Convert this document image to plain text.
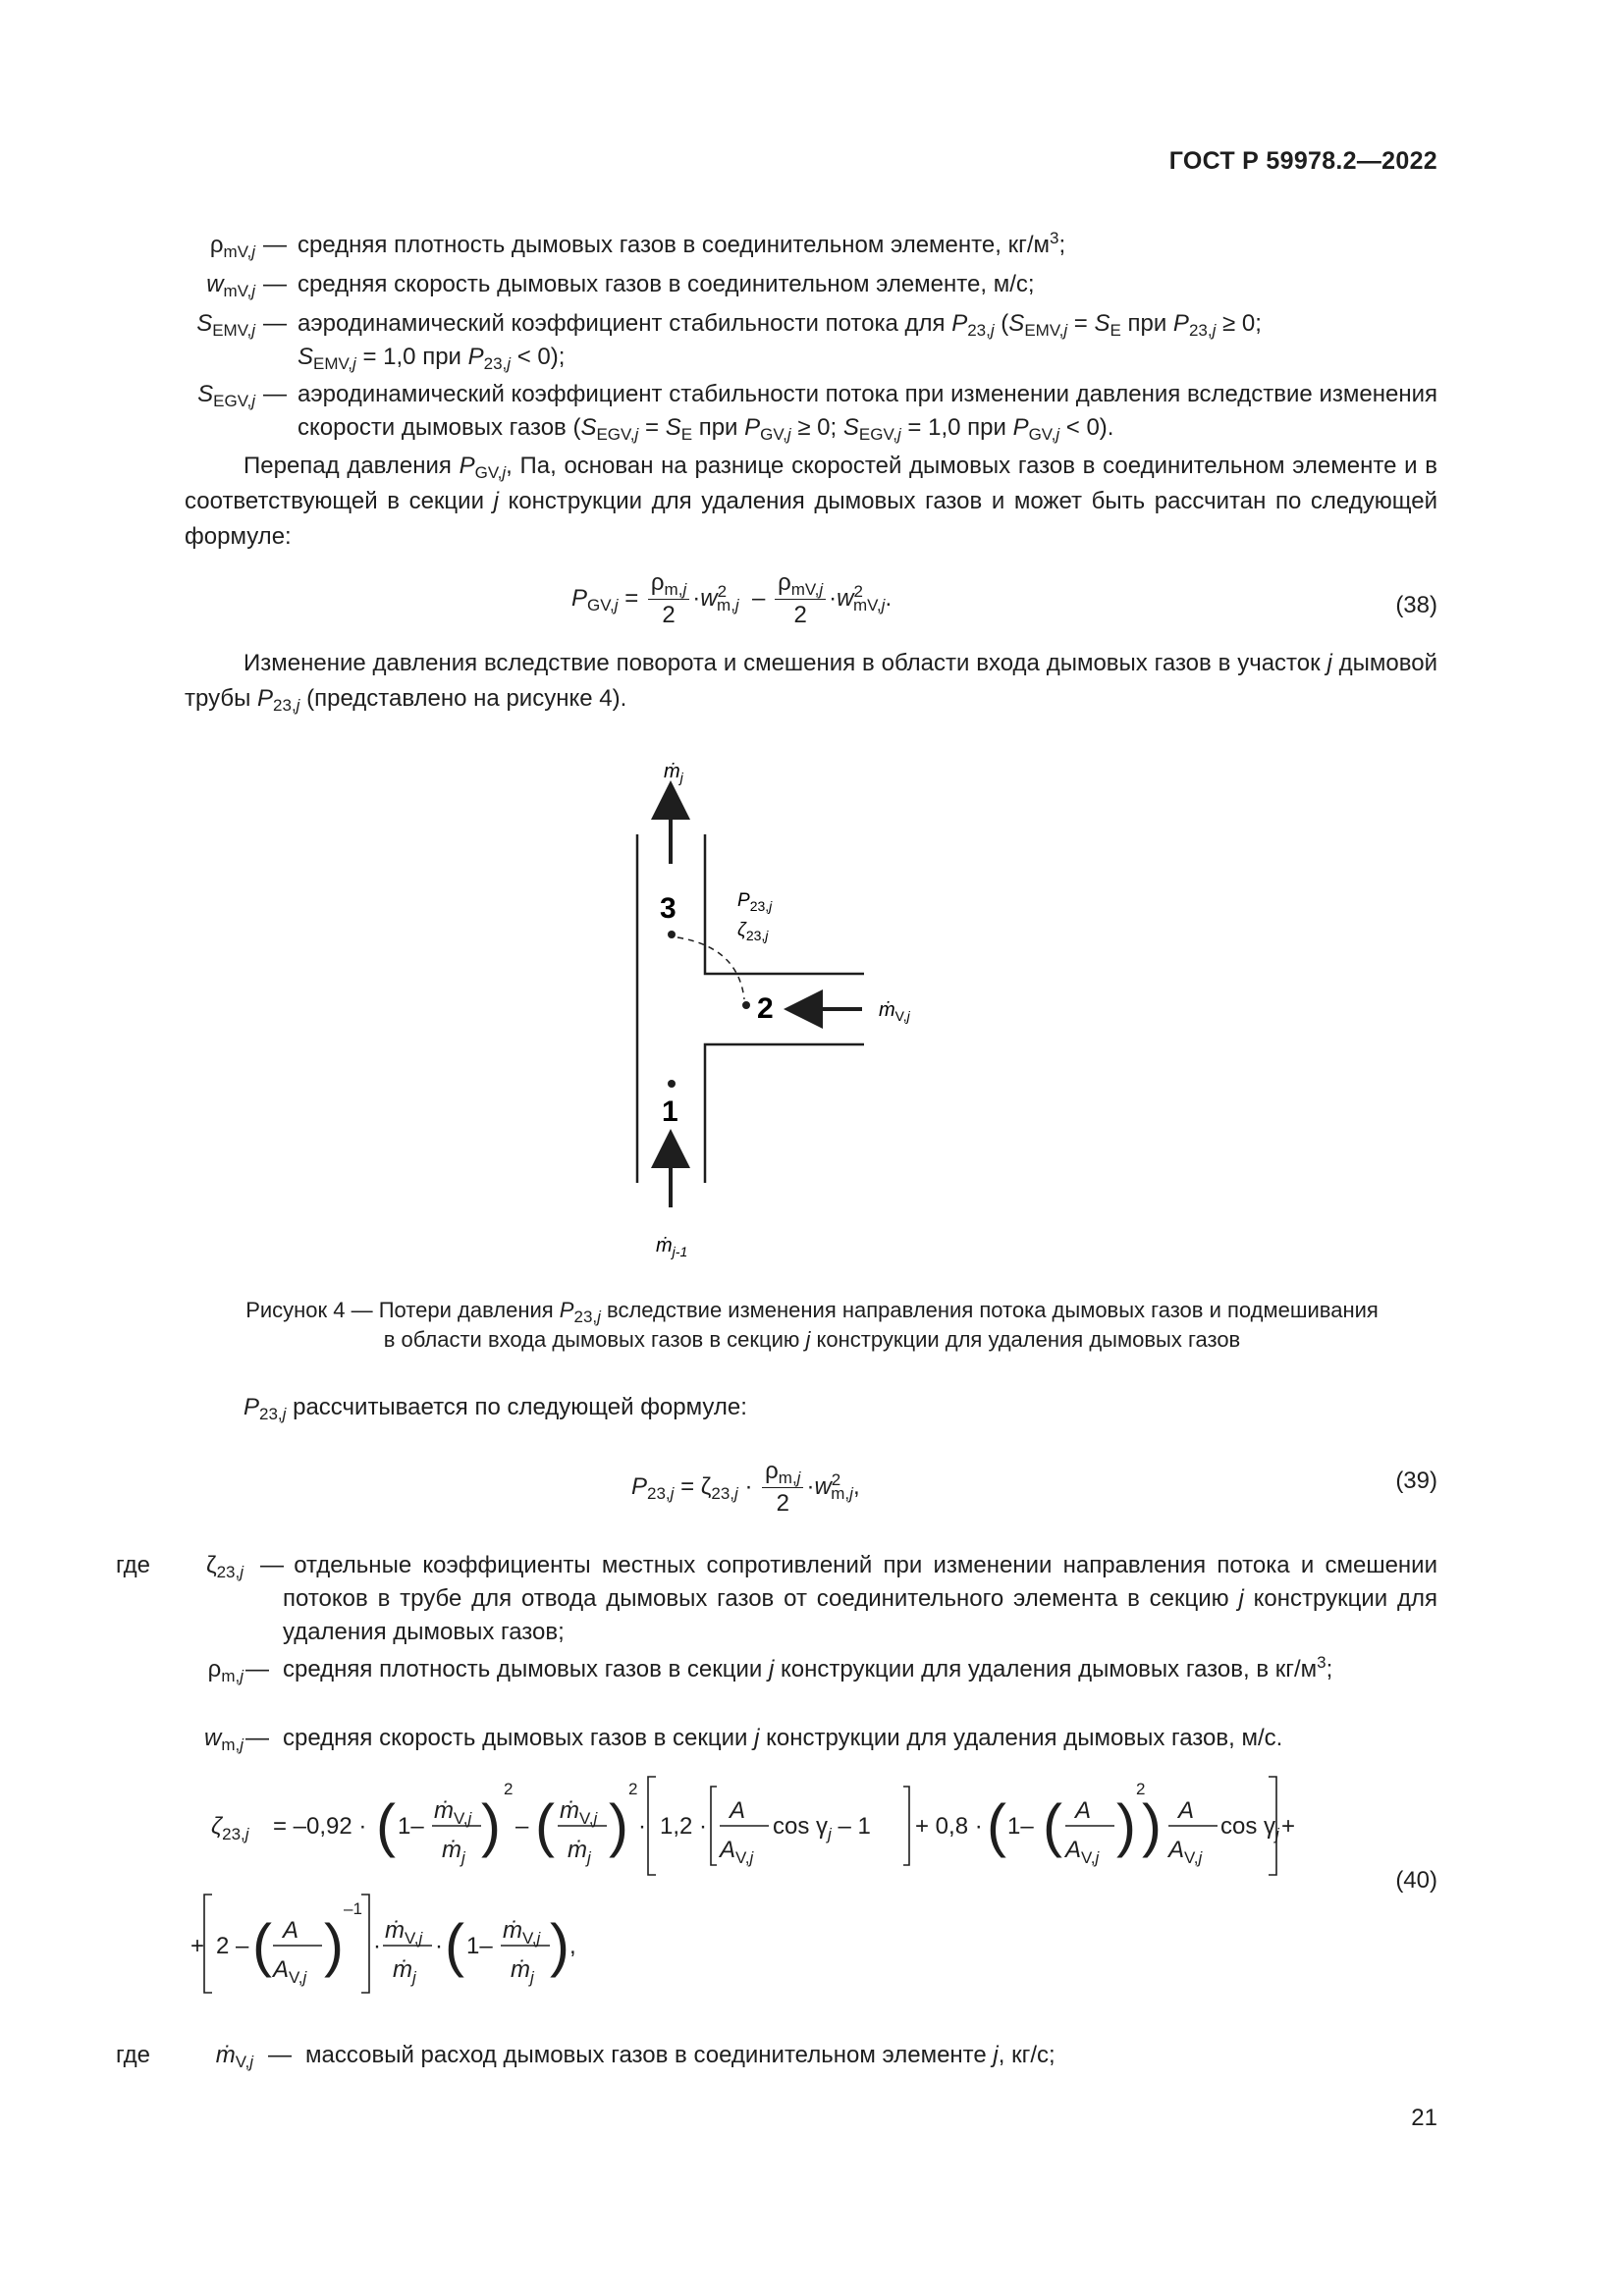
ГОСТ Р 59978.2—2022
$\rho_{mV,j}$ — средняя плотность дымовых газов в соединительном элементе, $кг/м^3$;
$w_{mV,j}$ — средняя скорость дымовых газов в соединительном элементе, м/с;
$S_{EMV,j}$ — аэродинамический коэффициент стабильности потока для $P_{23,j}$ ($S_{EMV,j} = S_E$ при $P_{23,j} \ge 0$;
$S_{EMV,j} = 1,0$ при $P_{23,j} < 0$);
$S_{EGV,j}$ — аэродинамический коэффициент стабильности потока при изменении давления вследствие изменения скорости дымовых газов ($S_{EGV,j} = S_E$ при $P_{GV,j} \ge 0$; $S_{EGV,j} = 1,0$ при $P_{GV,j} < 0$).
Перепад давления $P_{GV,j}$, Па, основан на разнице скоростей дымовых газов в соединительном элементе и в соответствующей в секции j конструкции для удаления дымовых газов и может быть рассчитан по следующей формуле:
$P_{GV,j} = \frac{\rho_{m,j}}{2} \cdot w^2_{m,j} - \frac{\rho_{mV,j}}{2} \cdot w^2_{mV,j}$.	(38)
Изменение давления вследствие поворота и смешения в области входа дымовых газов в участок j дымовой трубы $P_{23,j}$ (представлено на рисунке 4).
ṁ$_j$
ṁ$_{j-1}$
ṁ$_{V,}$j
$P_{23,}j$
$\zeta_{23,}j$
3
2
1
Рисунок 4 — Потери давления $P_{23,j}$ вследствие изменения направления потока дымовых газов и подмешивания
в области входа дымовых газов в секцию j конструкции для удаления дымовых газов
$P_{23,j}$ рассчитывается по следующей формуле:
$P_{23,j} = \zeta_{23,j} \cdot \frac{\rho_{m,j}}{2} \cdot w^2_{m,j}$,	(39)
где	$\zeta_{23,j}$ — отдельные коэффициенты местных сопротивлений при изменении направления потока и смешении потоков в трубе для отвода дымовых газов от соединительного элемента в секцию j конструкции для удаления дымовых газов;
$\rho_{m,j}$ — средняя плотность дымовых газов в секции j конструкции для удаления дымовых газов, в $кг/м^3$;
$w_{m,j}$ — средняя скорость дымовых газов в секции j конструкции для удаления дымовых газов, м/с.
$\zeta_{23,}j = -0,92$ · ( 1–
ṁ$_{V,}$j
ṁ$_j$ )
2
– ( ṁ$_{V,}$j
ṁ$_j$ )
2
· 1,2 ·
A
$A_{V,}j$
$\cos \gamma_j - 1 + 0,8$ · ( 1– ( A
$A_{V,}j$ )
2
) A
$A_{V,}j$
$\cos \gamma_j$ +
+ 2 – ( A
$A_{V,}j$ )
–1
·
ṁ$_{V,}$j
ṁ$_j$
· ( 1–
ṁ$_{V,}$j
ṁ$_j$ ) ,
(40)
где	ṁ$_{V,j}$ — массовый расход дымовых газов в соединительном элементе j, кг/с;
21
